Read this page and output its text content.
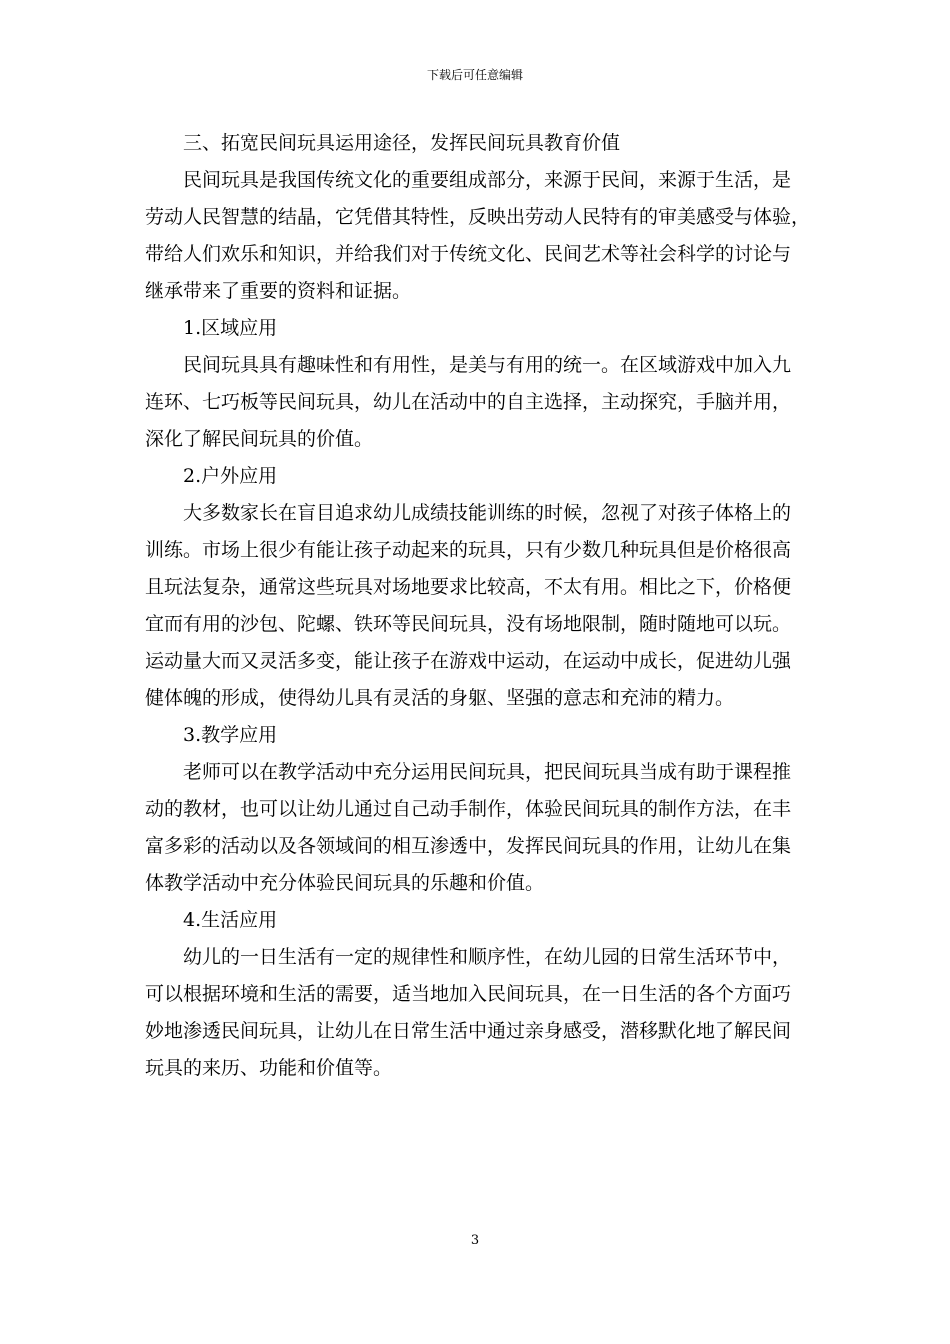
下载后可任意编辑
三、拓宽民间玩具运用途径，发挥民间玩具教育价值
民间玩具是我国传统文化的重要组成部分，来源于民间，来源于生活，是
劳动人民智慧的结晶，它凭借其特性，反映出劳动人民特有的审美感受与体验，
带给人们欢乐和知识，并给我们对于传统文化、民间艺术等社会科学的讨论与
继承带来了重要的资料和证据。
1.区域应用
民间玩具具有趣味性和有用性，是美与有用的统一。在区域游戏中加入九
连环、七巧板等民间玩具，幼儿在活动中的自主选择，主动探究，手脑并用，
深化了解民间玩具的价值。
2.户外应用
大多数家长在盲目追求幼儿成绩技能训练的时候，忽视了对孩子体格上的
训练。市场上很少有能让孩子动起来的玩具，只有少数几种玩具但是价格很高
且玩法复杂，通常这些玩具对场地要求比较高，不太有用。相比之下，价格便
宜而有用的沙包、陀螺、铁环等民间玩具，没有场地限制，随时随地可以玩。
运动量大而又灵活多变，能让孩子在游戏中运动，在运动中成长，促进幼儿强
健体魄的形成，使得幼儿具有灵活的身躯、坚强的意志和充沛的精力。
3.教学应用
老师可以在教学活动中充分运用民间玩具，把民间玩具当成有助于课程推
动的教材，也可以让幼儿通过自己动手制作，体验民间玩具的制作方法，在丰
富多彩的活动以及各领域间的相互渗透中，发挥民间玩具的作用，让幼儿在集
体教学活动中充分体验民间玩具的乐趣和价值。
4.生活应用
幼儿的一日生活有一定的规律性和顺序性，在幼儿园的日常生活环节中，
可以根据环境和生活的需要，适当地加入民间玩具，在一日生活的各个方面巧
妙地渗透民间玩具，让幼儿在日常生活中通过亲身感受，潜移默化地了解民间
玩具的来历、功能和价值等。
3
